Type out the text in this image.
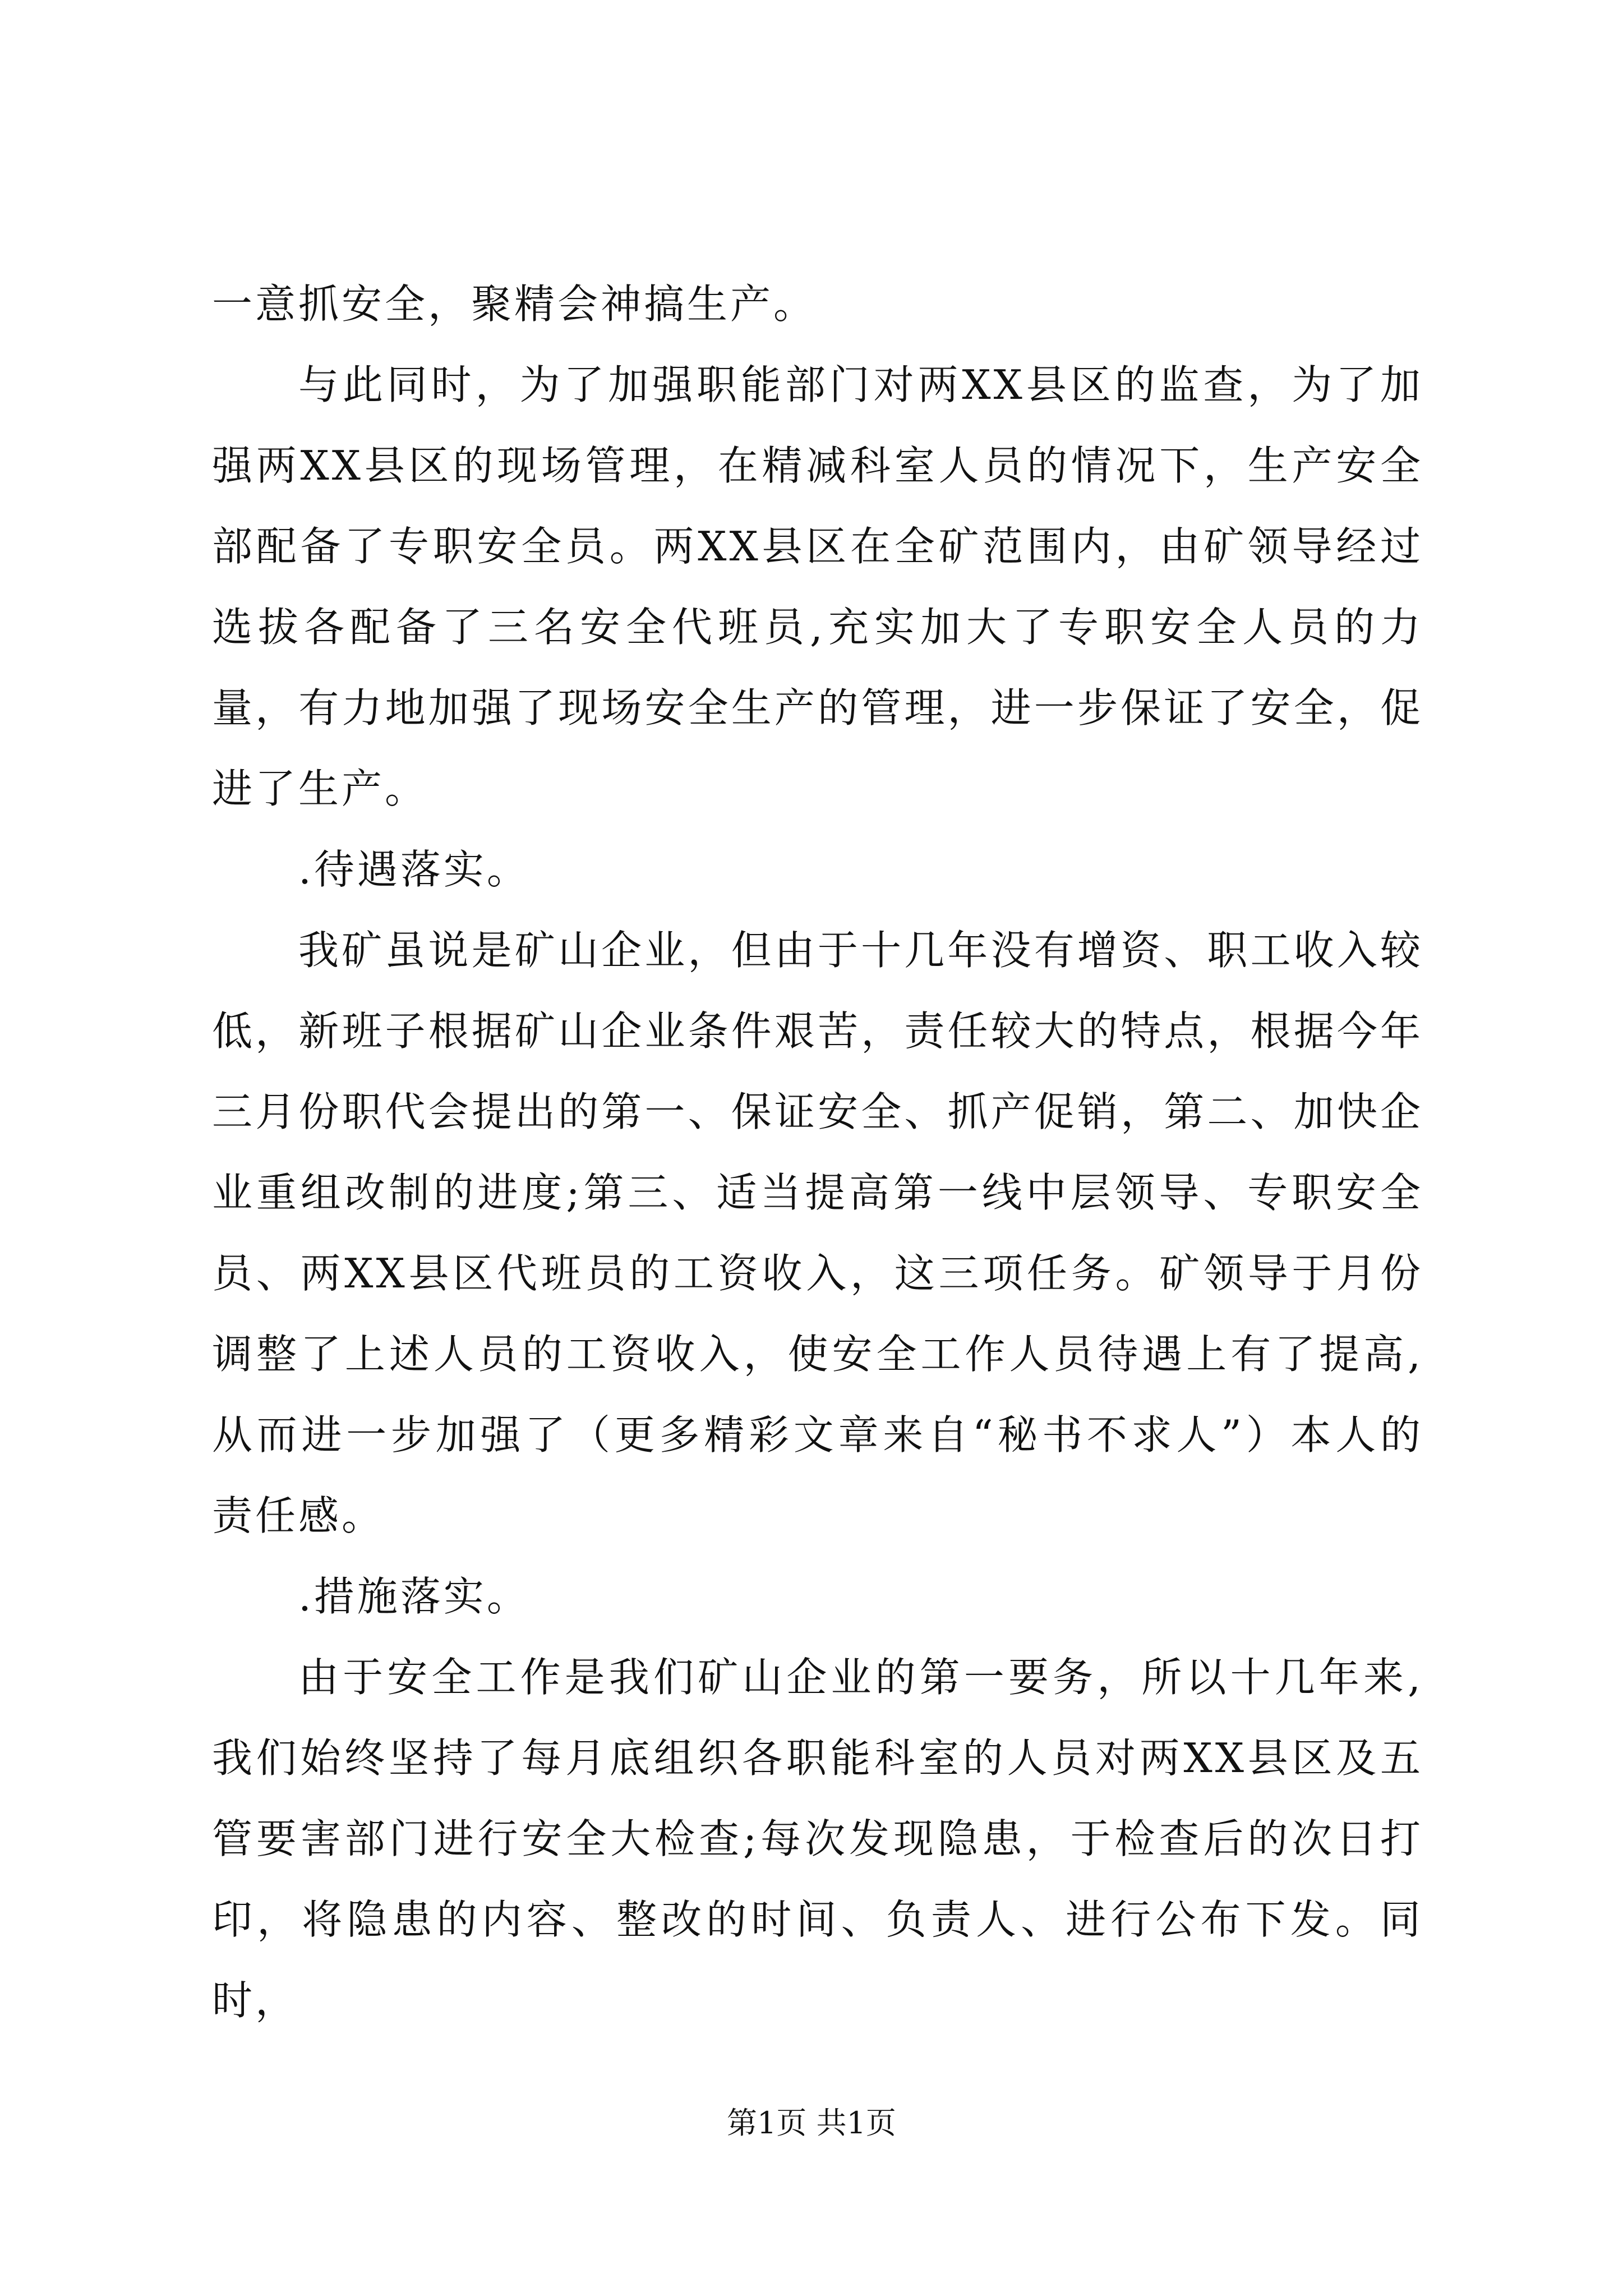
一意抓安全，聚精会神搞生产。

与此同时，为了加强职能部门对两XX县区的监查，为了加强两XX县区的现场管理，在精减科室人员的情况下，生产安全部配备了专职安全员。两XX县区在全矿范围内，由矿领导经过选拔各配备了三名安全代班员,充实加大了专职安全人员的力量，有力地加强了现场安全生产的管理，进一步保证了安全，促进了生产。

.待遇落实。

我矿虽说是矿山企业，但由于十几年没有增资、职工收入较低，新班子根据矿山企业条件艰苦，责任较大的特点，根据今年三月份职代会提出的第一、保证安全、抓产促销，第二、加快企业重组改制的进度;第三、适当提高第一线中层领导、专职安全员、两XX县区代班员的工资收入，这三项任务。矿领导于月份调整了上述人员的工资收入，使安全工作人员待遇上有了提高,从而进一步加强了（更多精彩文章来自“秘书不求人”）本人的责任感。

.措施落实。

由于安全工作是我们矿山企业的第一要务，所以十几年来,我们始终坚持了每月底组织各职能科室的人员对两XX县区及五管要害部门进行安全大检查;每次发现隐患，于检查后的次日打印，将隐患的内容、整改的时间、负责人、进行公布下发。同时，

第1页 共1页
